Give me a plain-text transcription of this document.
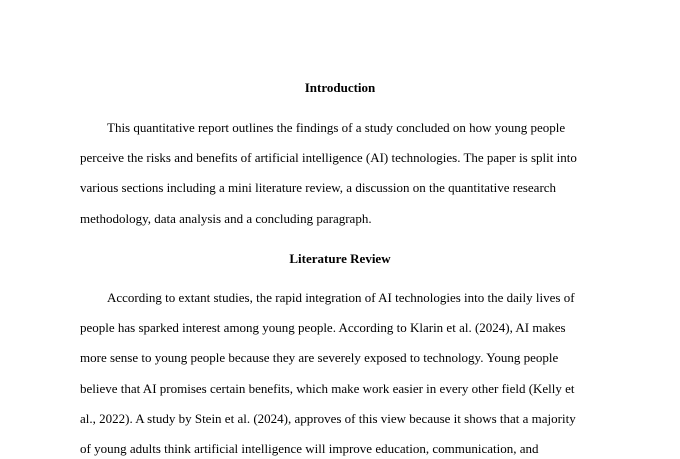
Introduction
This quantitative report outlines the findings of a study concluded on how young people
perceive the risks and benefits of artificial intelligence (AI) technologies. The paper is split into
various sections including a mini literature review, a discussion on the quantitative research
methodology, data analysis and a concluding paragraph.
Literature Review
According to extant studies, the rapid integration of AI technologies into the daily lives of
people has sparked interest among young people. According to Klarin et al. (2024), AI makes
more sense to young people because they are severely exposed to technology. Young people
believe that AI promises certain benefits, which make work easier in every other field (Kelly et
al., 2022). A study by Stein et al. (2024), approves of this view because it shows that a majority
of young adults think artificial intelligence will improve education, communication, and
